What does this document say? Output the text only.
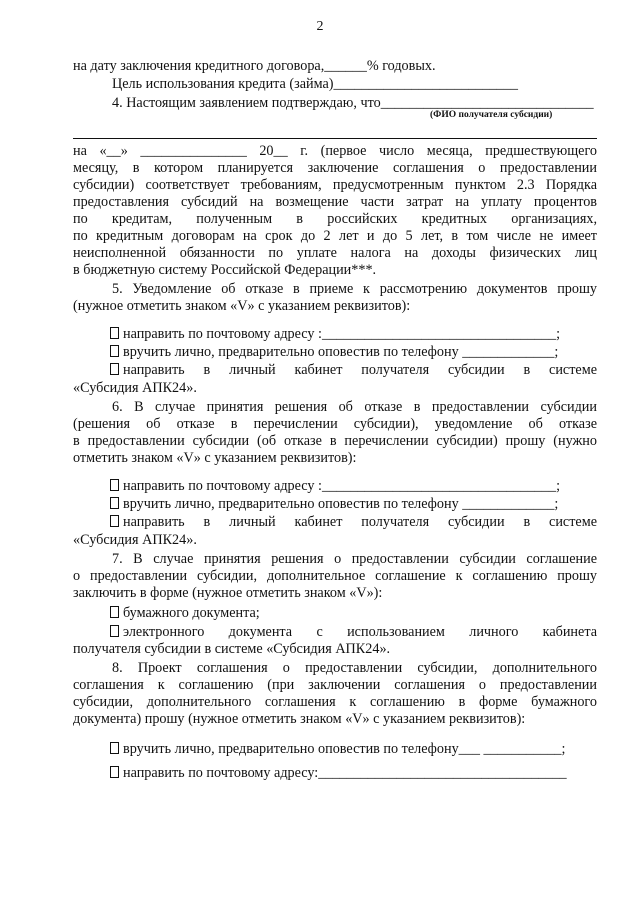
2
на дату заключения кредитного договора,______% годовых.
Цель использования кредита (займа)__________________________
4. Настоящим заявлением подтверждаю, что______________________________
(ФИО получателя субсидии)
на «__» _______________ 20__ г. (первое число месяца, предшествующего
месяцу, в котором планируется заключение соглашения о предоставлении
субсидии) соответствует требованиям, предусмотренным пунктом 2.3 Порядка
предоставления субсидий на возмещение части затрат на уплату процентов
по кредитам, полученным в российских кредитных организациях,
по кредитным договорам на срок до 2 лет и до 5 лет, в том числе не имеет
неисполненной обязанности по уплате налога на доходы физических лиц
в бюджетную систему Российской Федерации***.
5. Уведомление об отказе в приеме к рассмотрению документов прошу
(нужное отметить знаком «V» с указанием реквизитов):
направить по почтовому адресу :_________________________________;
вручить лично, предварительно оповестив по телефону _____________;
направить в личный кабинет получателя субсидии в системе
«Субсидия АПК24».
6. В случае принятия решения об отказе в предоставлении субсидии
(решения об отказе в перечислении субсидии), уведомление об отказе
в предоставлении субсидии (об отказе в перечислении субсидии) прошу (нужно
отметить знаком «V» с указанием реквизитов):
направить по почтовому адресу :_________________________________;
вручить лично, предварительно оповестив по телефону _____________;
направить в личный кабинет получателя субсидии в системе
«Субсидия АПК24».
7. В случае принятия решения о предоставлении субсидии соглашение
о предоставлении субсидии, дополнительное соглашение к соглашению прошу
заключить в форме (нужное отметить знаком «V»):
бумажного документа;
электронного документа с использованием личного кабинета
получателя субсидии в системе «Субсидия АПК24».
8. Проект соглашения о предоставлении субсидии, дополнительного
соглашения к соглашению (при заключении соглашения о предоставлении
субсидии, дополнительного соглашения к соглашению в форме бумажного
документа) прошу (нужное отметить знаком «V» с указанием реквизитов):
вручить лично, предварительно оповестив по телефону___ ___________;
направить по почтовому адресу:___________________________________
